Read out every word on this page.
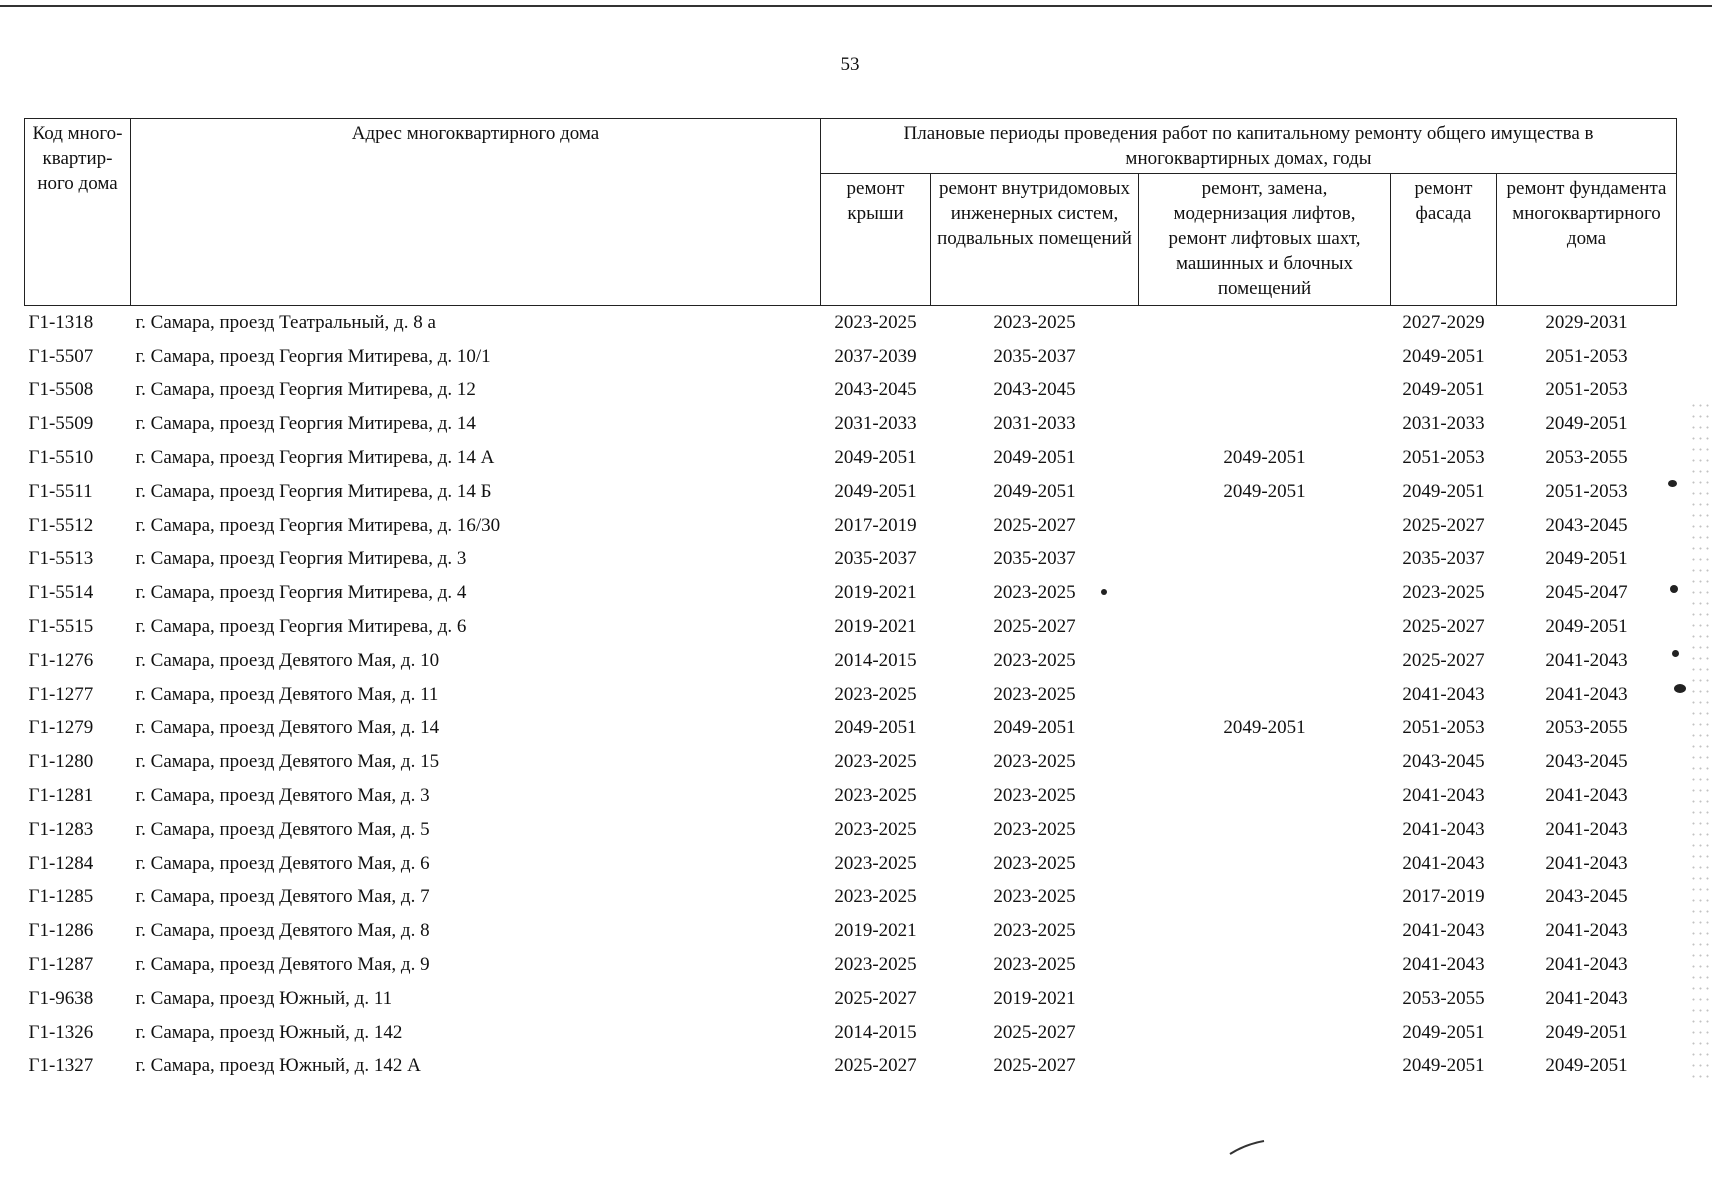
53
Код много-квартир-ного дома	Адрес многоквартирного дома	Плановые периоды проведения работ по капитальному ремонту общего имущества в многоквартирных домах, годы				
		ремонт крыши	ремонт внутридомовых инженерных систем, подвальных помещений	ремонт, замена, модернизация лифтов, ремонт лифтовых шахт, машинных и блочных помещений	ремонт фасада	ремонт фундамента многоквартирного дома
Г1-1318	г. Самара, проезд Театральный, д. 8 а	2023-2025	2023-2025		2027-2029	2029-2031
Г1-5507	г. Самара, проезд Георгия Митирева, д. 10/1	2037-2039	2035-2037		2049-2051	2051-2053
Г1-5508	г. Самара, проезд Георгия Митирева, д. 12	2043-2045	2043-2045		2049-2051	2051-2053
Г1-5509	г. Самара, проезд Георгия Митирева, д. 14	2031-2033	2031-2033		2031-2033	2049-2051
Г1-5510	г. Самара, проезд Георгия Митирева, д. 14 А	2049-2051	2049-2051	2049-2051	2051-2053	2053-2055
Г1-5511	г. Самара, проезд Георгия Митирева, д. 14 Б	2049-2051	2049-2051	2049-2051	2049-2051	2051-2053
Г1-5512	г. Самара, проезд Георгия Митирева, д. 16/30	2017-2019	2025-2027		2025-2027	2043-2045
Г1-5513	г. Самара, проезд Георгия Митирева, д. 3	2035-2037	2035-2037		2035-2037	2049-2051
Г1-5514	г. Самара, проезд Георгия Митирева, д. 4	2019-2021	2023-2025		2023-2025	2045-2047
Г1-5515	г. Самара, проезд Георгия Митирева, д. 6	2019-2021	2025-2027		2025-2027	2049-2051
Г1-1276	г. Самара, проезд Девятого Мая, д. 10	2014-2015	2023-2025		2025-2027	2041-2043
Г1-1277	г. Самара, проезд Девятого Мая, д. 11	2023-2025	2023-2025		2041-2043	2041-2043
Г1-1279	г. Самара, проезд Девятого Мая, д. 14	2049-2051	2049-2051	2049-2051	2051-2053	2053-2055
Г1-1280	г. Самара, проезд Девятого Мая, д. 15	2023-2025	2023-2025		2043-2045	2043-2045
Г1-1281	г. Самара, проезд Девятого Мая, д. 3	2023-2025	2023-2025		2041-2043	2041-2043
Г1-1283	г. Самара, проезд Девятого Мая, д. 5	2023-2025	2023-2025		2041-2043	2041-2043
Г1-1284	г. Самара, проезд Девятого Мая, д. 6	2023-2025	2023-2025		2041-2043	2041-2043
Г1-1285	г. Самара, проезд Девятого Мая, д. 7	2023-2025	2023-2025		2017-2019	2043-2045
Г1-1286	г. Самара, проезд Девятого Мая, д. 8	2019-2021	2023-2025		2041-2043	2041-2043
Г1-1287	г. Самара, проезд Девятого Мая, д. 9	2023-2025	2023-2025		2041-2043	2041-2043
Г1-9638	г. Самара, проезд Южный, д. 11	2025-2027	2019-2021		2053-2055	2041-2043
Г1-1326	г. Самара, проезд Южный, д. 142	2014-2015	2025-2027		2049-2051	2049-2051
Г1-1327	г. Самара, проезд Южный, д. 142 А	2025-2027	2025-2027		2049-2051	2049-2051
